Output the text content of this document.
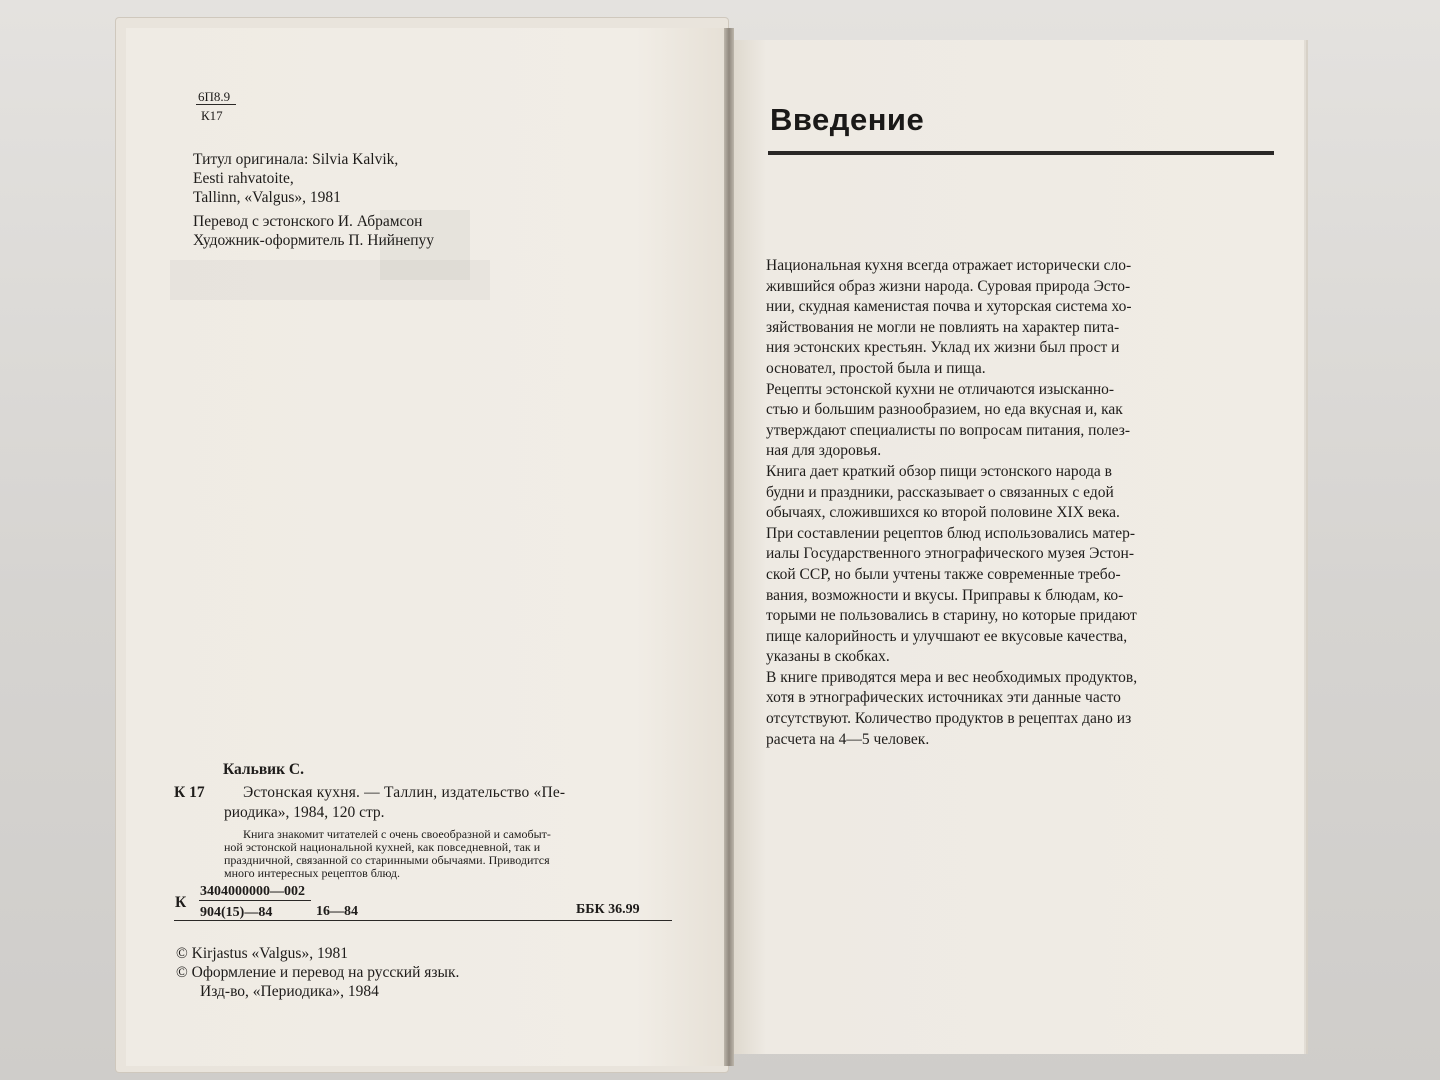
6П8.9
К17
Титул оригинала: Silvia Kalvik,
Eesti rahvatoite,
Tallinn, «Valgus», 1981
Перевод с эстонского И. Абрамсон
Художник-оформитель П. Нийнепуу
Кальвик С.
К 17 Эстонская кухня. — Таллин, издательство «Пе-
риодика», 1984, 120 стр.
Книга знакомит читателей с очень своеобразной и самобыт-
ной эстонской национальной кухней, как повседневной, так и
праздничной, связанной со старинными обычаями. Приводится
много интересных рецептов блюд.
К
3404000000—002
904(15)—84	16—84	ББК 36.99
© Kirjastus «Valgus», 1981
© Оформление и перевод на русский язык.
Изд-во, «Периодика», 1984
Введение

Национальная кухня всегда отражает исторически сло-
жившийся образ жизни народа. Суровая природа Эсто-
нии, скудная каменистая почва и хуторская система хо-
зяйствования не могли не повлиять на характер пита-
ния эстонских крестьян. Уклад их жизни был прост и
основател, простой была и пища.

Рецепты эстонской кухни не отличаются изысканно-
стью и большим разнообразием, но еда вкусная и, как
утверждают специалисты по вопросам питания, полез-
ная для здоровья.

Книга дает краткий обзор пищи эстонского народа в
будни и праздники, рассказывает о связанных с едой
обычаях, сложившихся ко второй половине XIX века.

При составлении рецептов блюд использовались матер-
иалы Государственного этнографического музея Эстон-
ской ССР, но были учтены также современные требо-
вания, возможности и вкусы. Приправы к блюдам, ко-
торыми не пользовались в старину, но которые придают
пище калорийность и улучшают ее вкусовые качества,
указаны в скобках.

В книге приводятся мера и вес необходимых продуктов,
хотя в этнографических источниках эти данные часто
отсутствуют. Количество продуктов в рецептах дано из
расчета на 4—5 человек.
